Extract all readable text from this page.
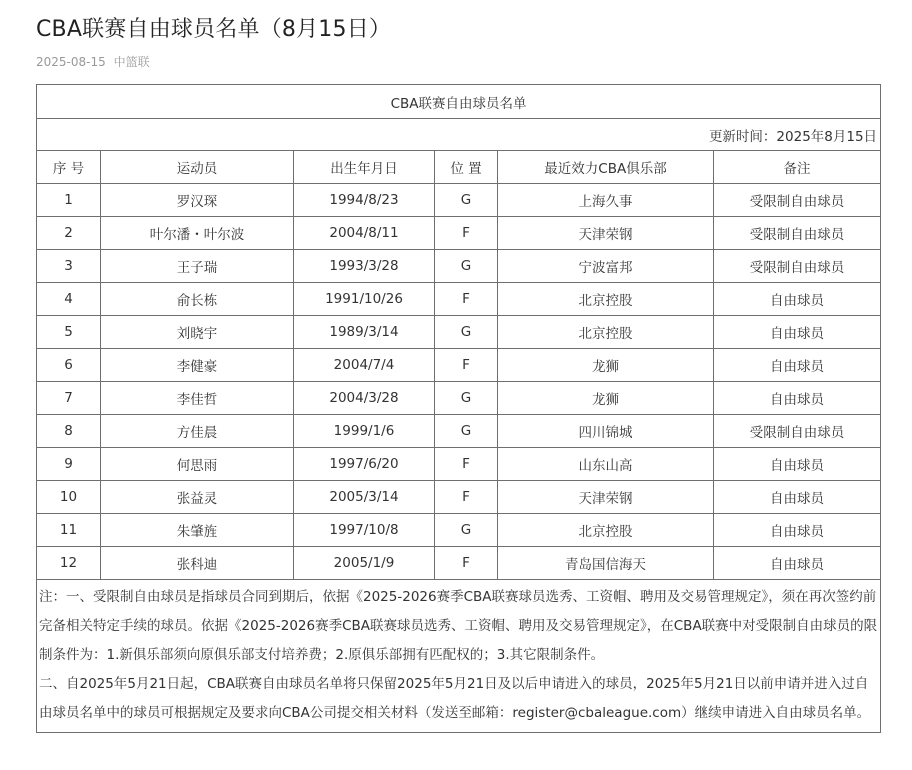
CBA联赛自由球员名单（8月15日）
2025-08-15 中篮联
CBA联赛自由球员名单					
更新时间：2025年8月15日					
序 号	运动员	出生年月日	位 置	最近效力CBA俱乐部	备注
1	罗汉琛	1994/8/23	G	上海久事	受限制自由球员
2	叶尔潘・叶尔波	2004/8/11	F	天津荣钢	受限制自由球员
3	王子瑞	1993/3/28	G	宁波富邦	受限制自由球员
4	俞长栋	1991/10/26	F	北京控股	自由球员
5	刘晓宇	1989/3/14	G	北京控股	自由球员
6	李健豪	2004/7/4	F	龙狮	自由球员
7	李佳哲	2004/3/28	G	龙狮	自由球员
8	方佳晨	1999/1/6	G	四川锦城	受限制自由球员
9	何思雨	1997/6/20	F	山东山高	自由球员
10	张益灵	2005/3/14	F	天津荣钢	自由球员
11	朱肇旌	1997/10/8	G	北京控股	自由球员
12	张科迪	2005/1/9	F	青岛国信海天	自由球员

注：一、受限制自由球员是指球员合同到期后，依据《2025-2026赛季CBA联赛球员选秀、工资帽、聘用及交易管理规定》，须在再次签约前完备相关特定手续的球员。依据《2025-2026赛季CBA联赛球员选秀、工资帽、聘用及交易管理规定》，在CBA联赛中对受限制自由球员的限制条件为：1.新俱乐部须向原俱乐部支付培养费；2.原俱乐部拥有匹配权的；3.其它限制条件。

二、自2025年5月21日起，CBA联赛自由球员名单将只保留2025年5月21日及以后申请进入的球员，2025年5月21日以前申请并进入过自由球员名单中的球员可根据规定及要求向CBA公司提交相关材料（发送至邮箱：register@cbaleague.com）继续申请进入自由球员名单。					
